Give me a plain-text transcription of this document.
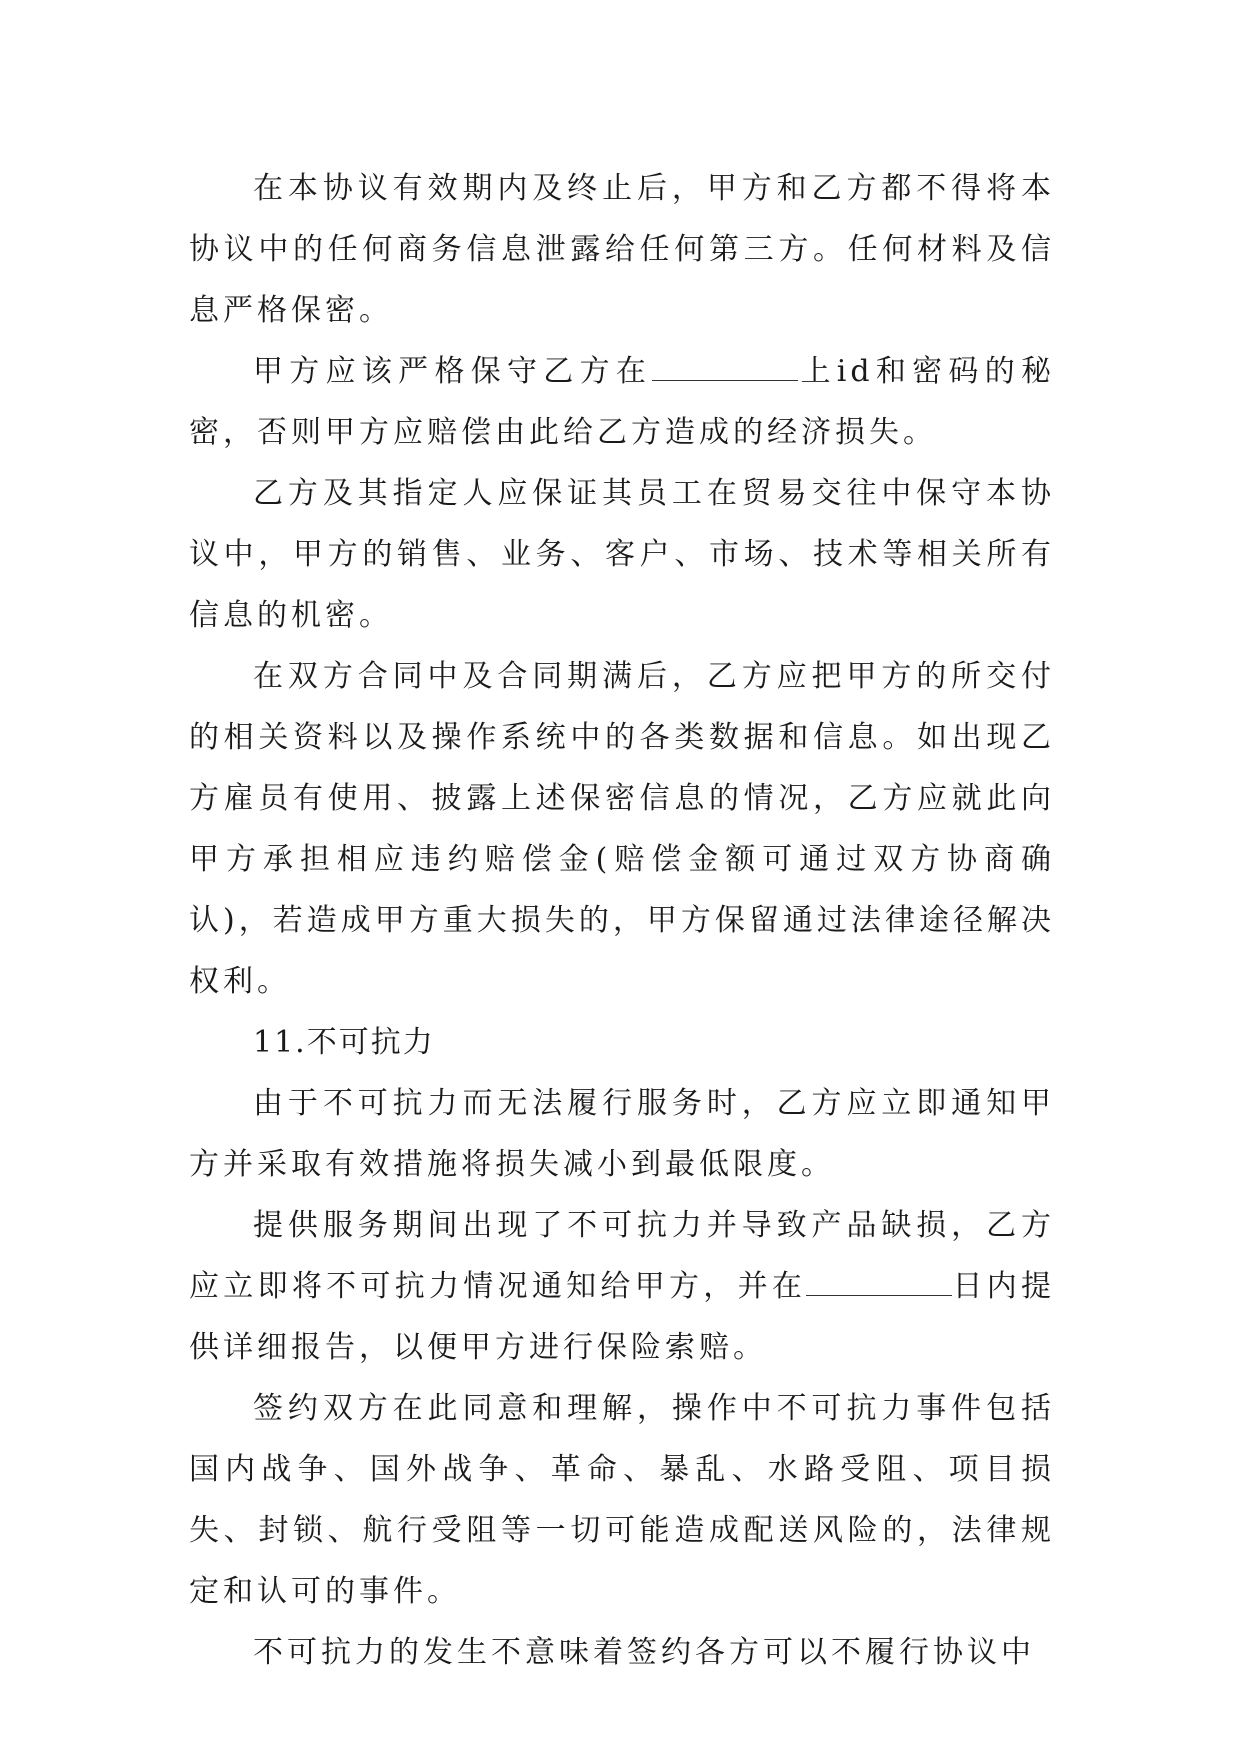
在本协议有效期内及终止后，甲方和乙方都不得将本协议中的任何商务信息泄露给任何第三方。任何材料及信息严格保密。

甲方应该严格保守乙方在	上id和密码的秘密，否则甲方应赔偿由此给乙方造成的经济损失。

乙方及其指定人应保证其员工在贸易交往中保守本协议中，甲方的销售、业务、客户、市场、技术等相关所有信息的机密。

在双方合同中及合同期满后，乙方应把甲方的所交付的相关资料以及操作系统中的各类数据和信息。如出现乙方雇员有使用、披露上述保密信息的情况，乙方应就此向甲方承担相应违约赔偿金(赔偿金额可通过双方协商确认)，若造成甲方重大损失的，甲方保留通过法律途径解决权利。

11.不可抗力

由于不可抗力而无法履行服务时，乙方应立即通知甲方并采取有效措施将损失减小到最低限度。

提供服务期间出现了不可抗力并导致产品缺损，乙方应立即将不可抗力情况通知给甲方，并在	日内提供详细报告，以便甲方进行保险索赔。

签约双方在此同意和理解，操作中不可抗力事件包括国内战争、国外战争、革命、暴乱、水路受阻、项目损失、封锁、航行受阻等一切可能造成配送风险的，法律规定和认可的事件。

不可抗力的发生不意味着签约各方可以不履行协议中
